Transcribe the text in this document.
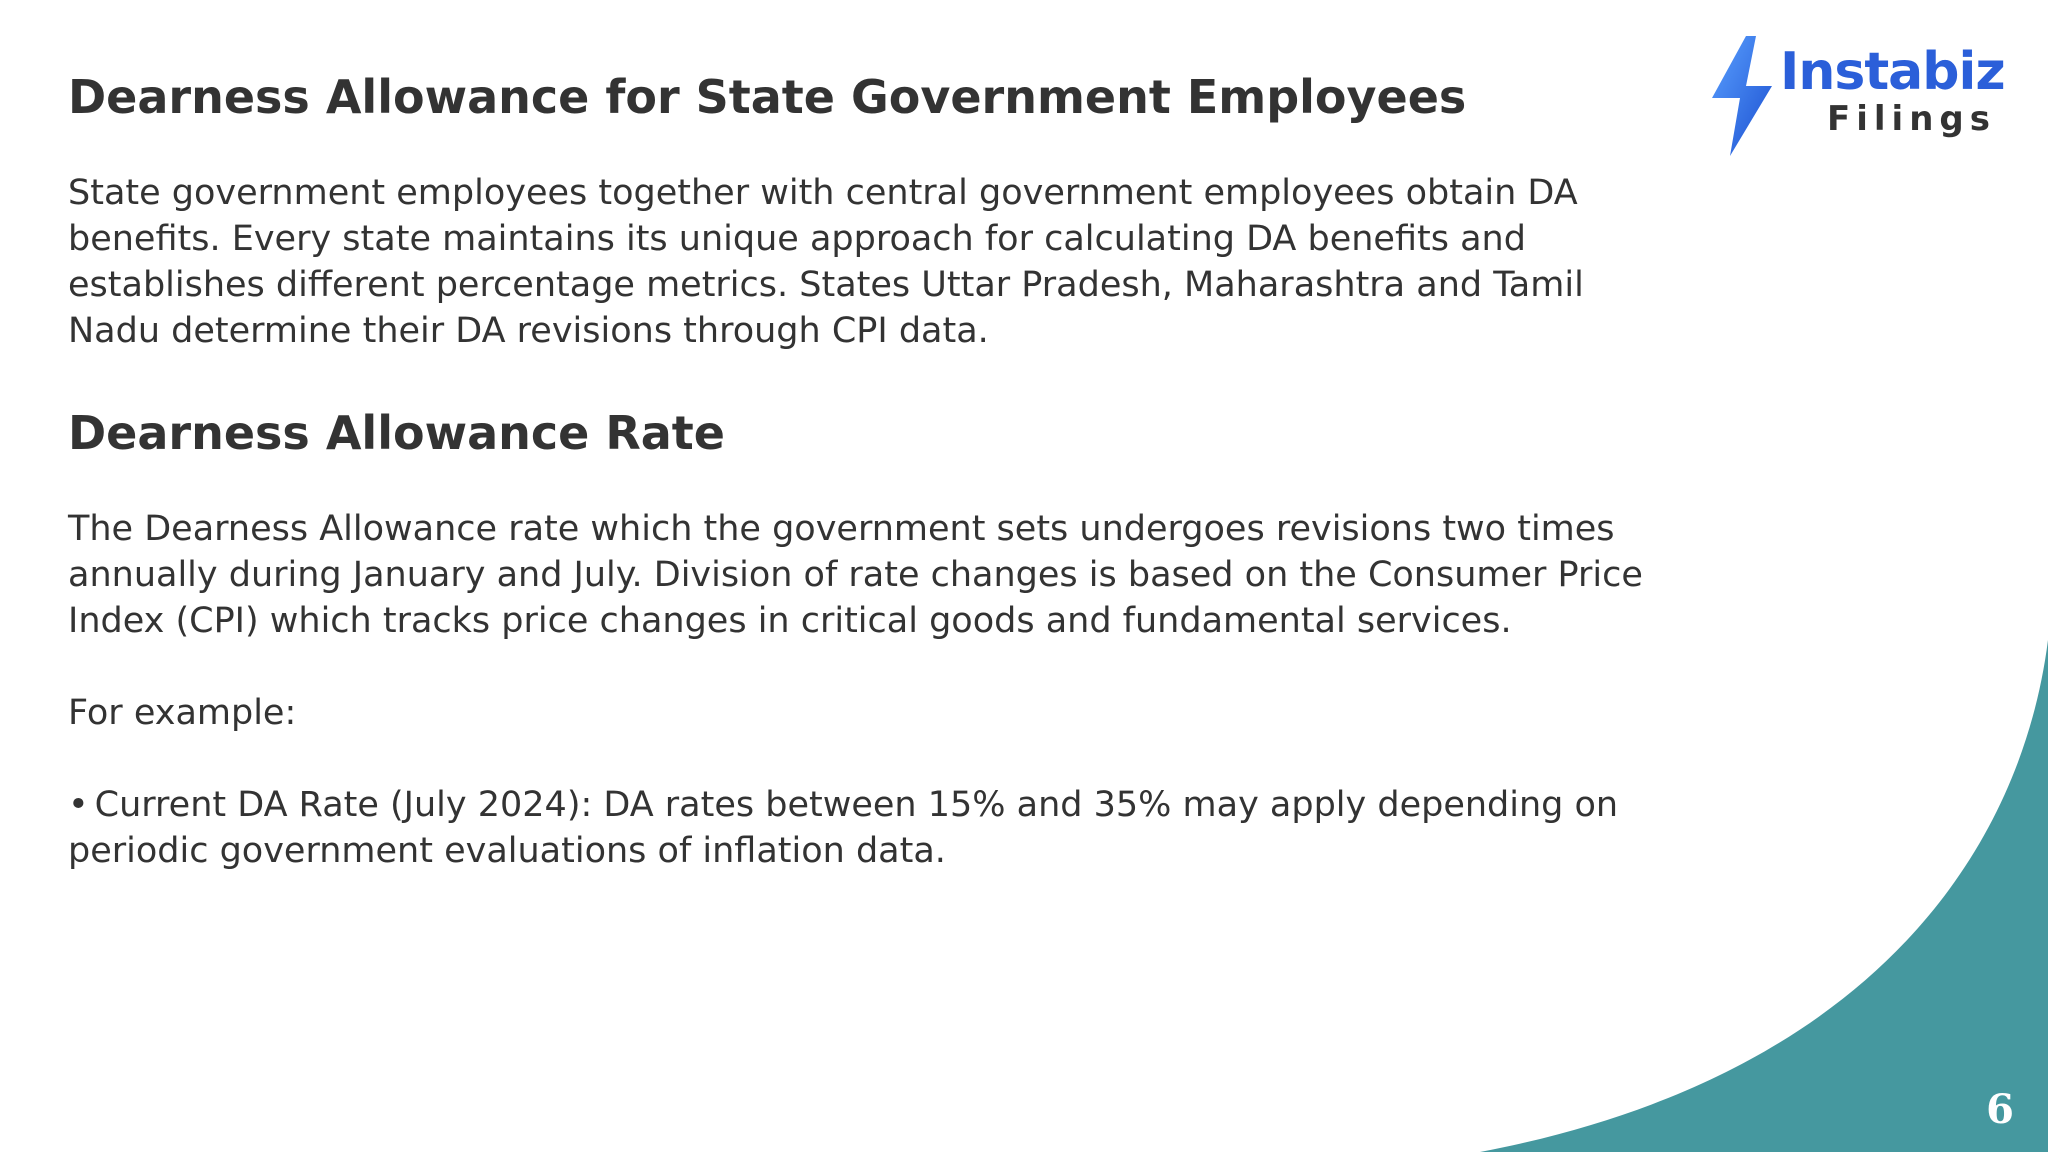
Instabiz
Filings
Dearness Allowance for State Government Employees

State government employees together with central government employees obtain DA

benefits. Every state maintains its unique approach for calculating DA benefits and

establishes different percentage metrics. States Uttar Pradesh, Maharashtra and Tamil

Nadu determine their DA revisions through CPI data.

Dearness Allowance Rate

The Dearness Allowance rate which the government sets undergoes revisions two times

annually during January and July. Division of rate changes is based on the Consumer Price

Index (CPI) which tracks price changes in critical goods and fundamental services.

For example:

• Current DA Rate (July 2024): DA rates between 15% and 35% may apply depending on

periodic government evaluations of inflation data.

6
